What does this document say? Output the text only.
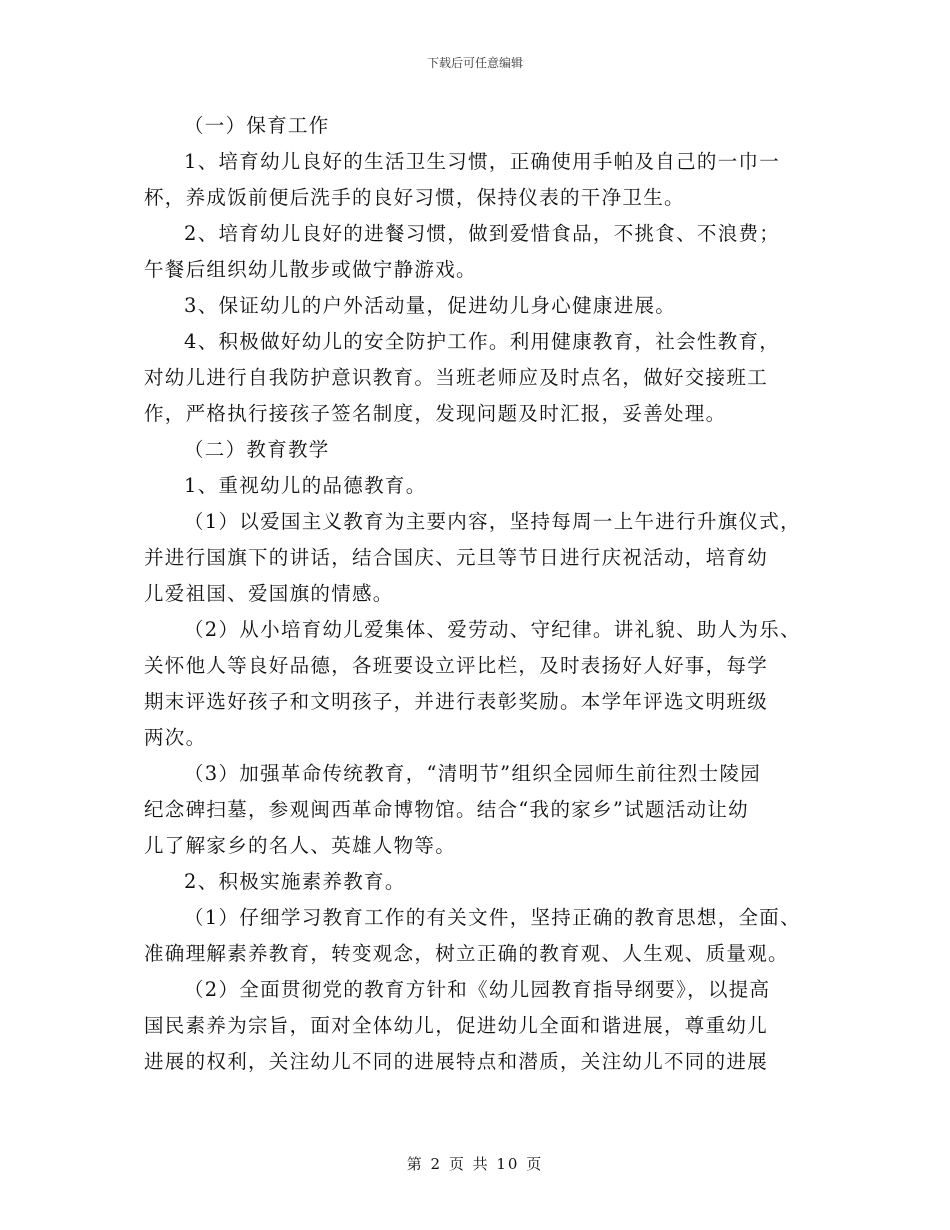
下载后可任意编辑
（一）保育工作
1、培育幼儿良好的生活卫生习惯，正确使用手帕及自己的一巾一
杯，养成饭前便后洗手的良好习惯，保持仪表的干净卫生。
2、培育幼儿良好的进餐习惯，做到爱惜食品，不挑食、不浪费；
午餐后组织幼儿散步或做宁静游戏。
3、保证幼儿的户外活动量，促进幼儿身心健康进展。
4、积极做好幼儿的安全防护工作。利用健康教育，社会性教育，
对幼儿进行自我防护意识教育。当班老师应及时点名，做好交接班工
作，严格执行接孩子签名制度，发现问题及时汇报，妥善处理。
（二）教育教学
1、重视幼儿的品德教育。
（1）以爱国主义教育为主要内容，坚持每周一上午进行升旗仪式，
并进行国旗下的讲话，结合国庆、元旦等节日进行庆祝活动，培育幼
儿爱祖国、爱国旗的情感。
（2）从小培育幼儿爱集体、爱劳动、守纪律。讲礼貌、助人为乐、
关怀他人等良好品德，各班要设立评比栏，及时表扬好人好事，每学
期末评选好孩子和文明孩子，并进行表彰奖励。本学年评选文明班级
两次。
（3）加强革命传统教育，“清明节”组织全园师生前往烈士陵园
纪念碑扫墓，参观闽西革命博物馆。结合“我的家乡”试题活动让幼
儿了解家乡的名人、英雄人物等。
2、积极实施素养教育。
（1）仔细学习教育工作的有关文件，坚持正确的教育思想，全面、
准确理解素养教育，转变观念，树立正确的教育观、人生观、质量观。
（2）全面贯彻党的教育方针和《幼儿园教育指导纲要》，以提高
国民素养为宗旨，面对全体幼儿，促进幼儿全面和谐进展，尊重幼儿
进展的权利，关注幼儿不同的进展特点和潜质，关注幼儿不同的进展
第 2 页 共 10 页
